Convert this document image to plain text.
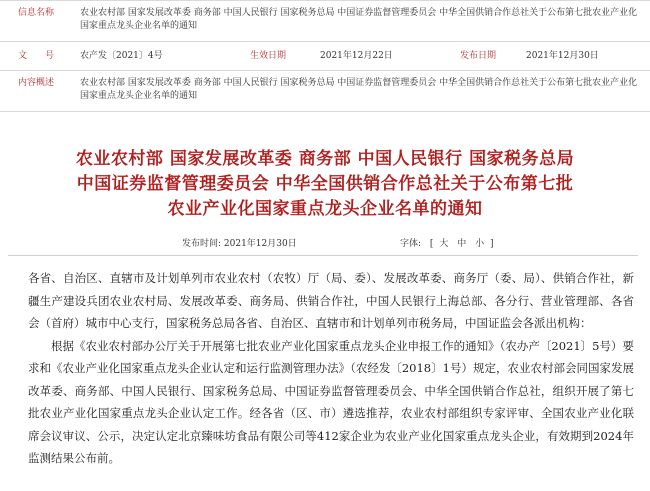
信息名称	农业农村部 国家发展改革委 商务部 中国人民银行 国家税务总局 中国证券监督管理委员会 中华全国供销合作总社关于公布第七批农业产业化国家重点龙头企业名单的通知
文　　号	农产发〔2021〕4号	生效日期	2021年12月22日	发布日期	2021年12月30日
内容概述	农业农村部 国家发展改革委 商务部 中国人民银行 国家税务总局 中国证券监督管理委员会 中华全国供销合作总社关于公布第七批农业产业化国家重点龙头企业名单的通知
农业农村部 国家发展改革委 商务部 中国人民银行 国家税务总局
中国证券监督管理委员会 中华全国供销合作总社关于公布第七批
农业产业化国家重点龙头企业名单的通知
发布时间: 2021年12月30日	字体: [ 大 中 小 ]

各省、自治区、直辖市及计划单列市农业农村（农牧）厅（局、委）、发展改革委、商务厅（委、局）、供销合作社，新疆生产建设兵团农业农村局、发展改革委、商务局、供销合作社，中国人民银行上海总部、各分行、营业管理部、各省会（首府）城市中心支行，国家税务总局各省、自治区、直辖市和计划单列市税务局，中国证监会各派出机构：

根据《农业农村部办公厅关于开展第七批农业产业化国家重点龙头企业申报工作的通知》（农办产〔2021〕5号）要求和《农业产业化国家重点龙头企业认定和运行监测管理办法》（农经发〔2018〕1号）规定，农业农村部会同国家发展改革委、商务部、中国人民银行、国家税务总局、中国证券监督管理委员会、中华全国供销合作总社，组织开展了第七批农业产业化国家重点龙头企业认定工作。经各省（区、市）遴选推荐，农业农村部组织专家评审、全国农业产业化联席会议审议、公示，决定认定北京臻味坊食品有限公司等412家企业为农业产业化国家重点龙头企业，有效期到2024年监测结果公布前。
